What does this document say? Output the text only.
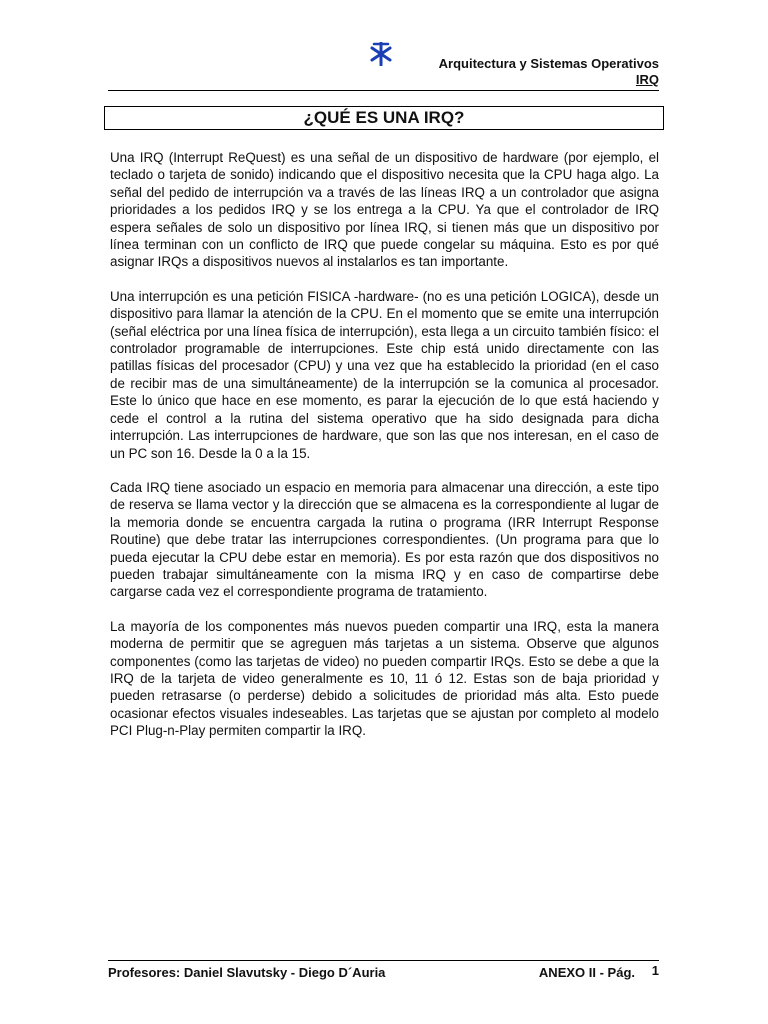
Arquitectura y Sistemas Operativos
IRQ
¿QUÉ ES UNA IRQ?

Una IRQ (Interrupt ReQuest) es una señal de un dispositivo de hardware (por ejemplo, el teclado o tarjeta de sonido) indicando que el dispositivo necesita que la CPU haga algo. La señal del pedido de interrupción va a través de las líneas IRQ a un controlador que asigna prioridades a los pedidos IRQ y se los entrega a la CPU. Ya que el controlador de IRQ espera señales de solo un dispositivo por línea IRQ, si tienen más que un dispositivo por línea terminan con un conflicto de IRQ que puede congelar su máquina. Esto es por qué asignar IRQs a dispositivos nuevos al instalarlos es tan importante.

Una interrupción es una petición FISICA -hardware- (no es una petición LOGICA), desde un dispositivo para llamar la atención de la CPU. En el momento que se emite una interrupción (señal eléctrica por una línea física de interrupción), esta llega a un circuito también físico: el controlador programable de interrupciones. Este chip está unido directamente con las patillas físicas del procesador (CPU) y una vez que ha establecido la prioridad (en el caso de recibir mas de una simultáneamente) de la interrupción se la comunica al procesador. Este lo único que hace en ese momento, es parar la ejecución de lo que está haciendo y cede el control a la rutina del sistema operativo que ha sido designada para dicha interrupción. Las interrupciones de hardware, que son las que nos interesan, en el caso de un PC son 16. Desde la 0 a la 15.

Cada IRQ tiene asociado un espacio en memoria para almacenar una dirección, a este tipo de reserva se llama vector y la dirección que se almacena es la correspondiente al lugar de la memoria donde se encuentra cargada la rutina o programa (IRR Interrupt Response Routine) que debe tratar las interrupciones correspondientes. (Un programa para que lo pueda ejecutar la CPU debe estar en memoria). Es por esta razón que dos dispositivos no pueden trabajar simultáneamente con la misma IRQ y en caso de compartirse debe cargarse cada vez el correspondiente programa de tratamiento.

La mayoría de los componentes más nuevos pueden compartir una IRQ, esta la manera moderna de permitir que se agreguen más tarjetas a un sistema. Observe que algunos componentes (como las tarjetas de video) no pueden compartir IRQs. Esto se debe a que la IRQ de la tarjeta de video generalmente es 10, 11 ó 12. Estas son de baja prioridad y pueden retrasarse (o perderse) debido a solicitudes de prioridad más alta. Esto puede ocasionar efectos visuales indeseables. Las tarjetas que se ajustan por completo al modelo PCI Plug-n-Play permiten compartir la IRQ.

Profesores: Daniel Slavutsky - Diego D´Auria	ANEXO II - Pág. 1
